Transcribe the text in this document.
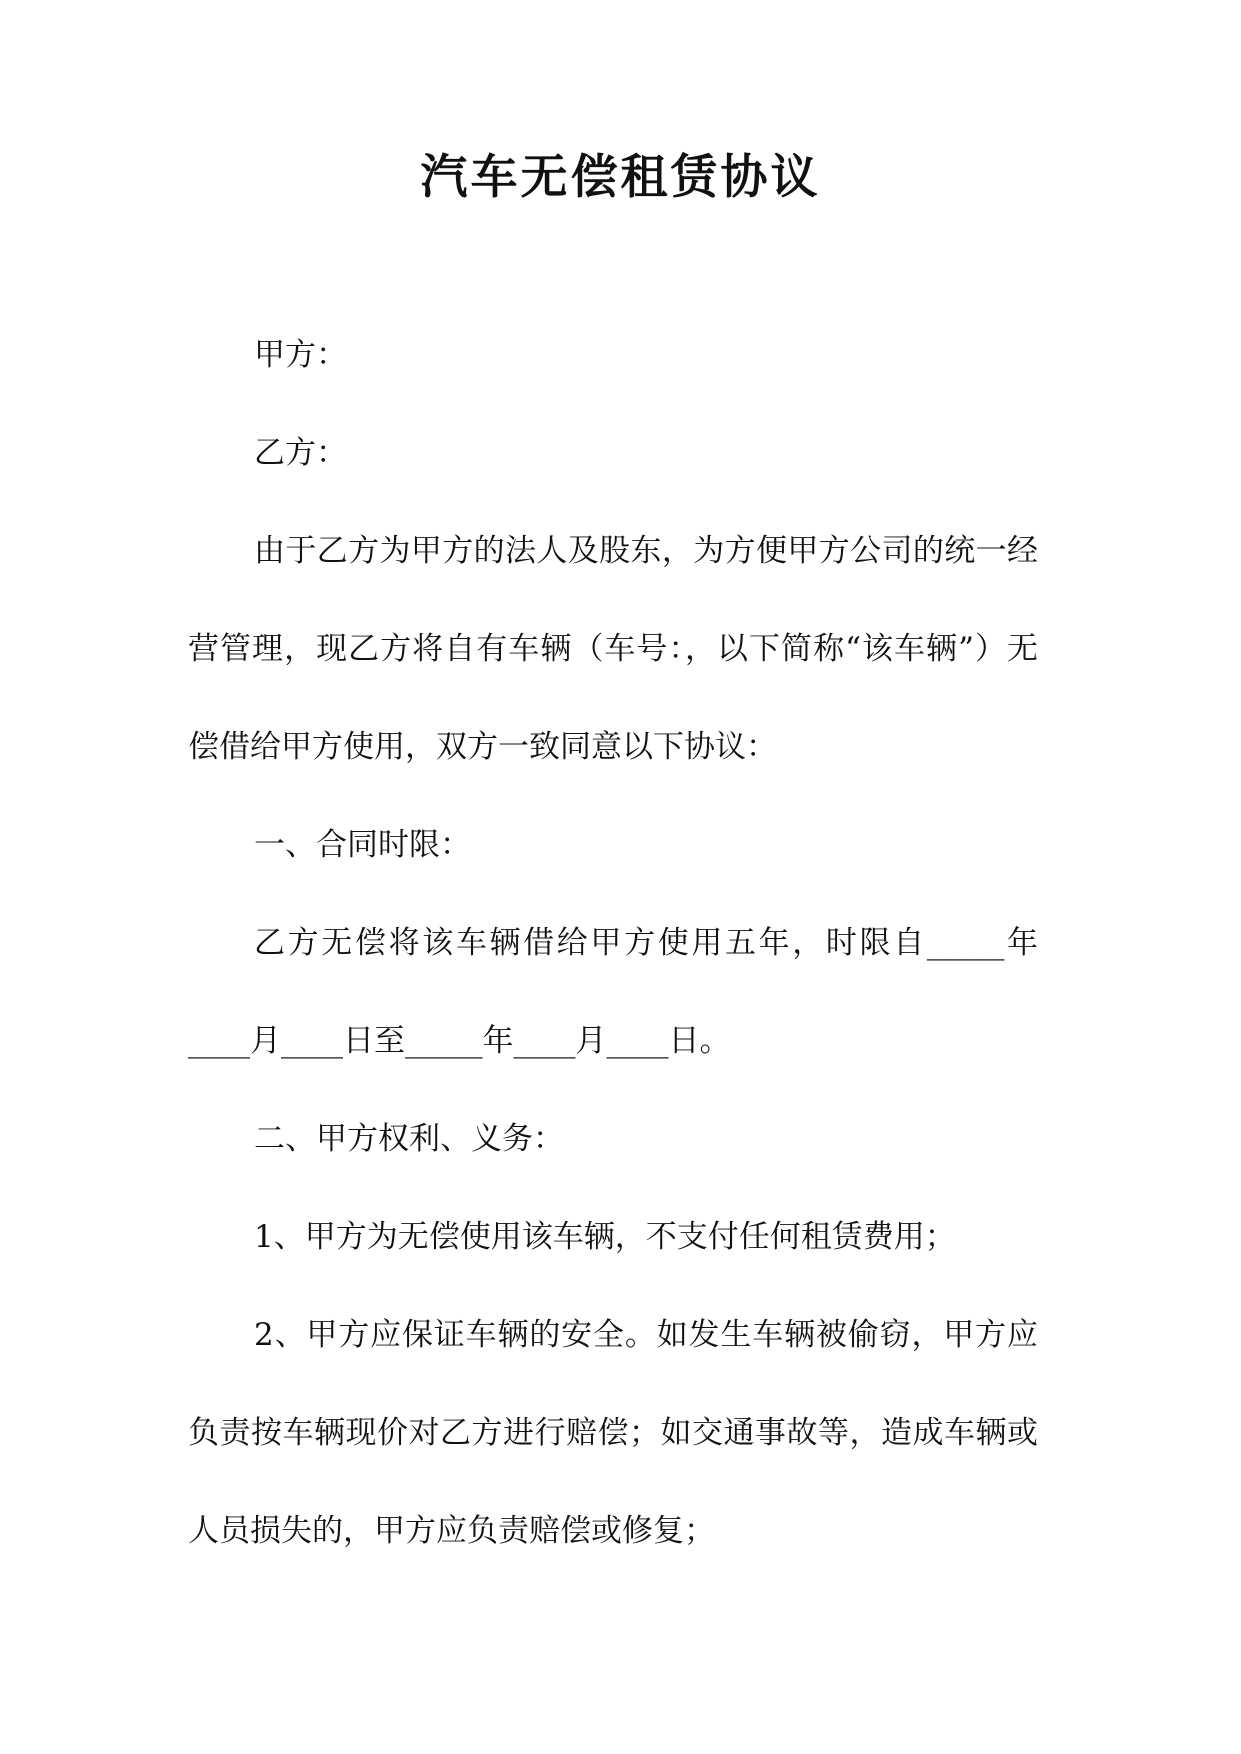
汽车无偿租赁协议

甲方：

乙方：

由于乙方为甲方的法人及股东，为方便甲方公司的统一经营管理，现乙方将自有车辆（车号：，以下简称“该车辆”）无偿借给甲方使用，双方一致同意以下协议：

一、合同时限：

乙方无偿将该车辆借给甲方使用五年，时限自_____年____月____日至_____年____月____日。

二、甲方权利、义务：

1、甲方为无偿使用该车辆，不支付任何租赁费用；

2、甲方应保证车辆的安全。如发生车辆被偷窃，甲方应负责按车辆现价对乙方进行赔偿；如交通事故等，造成车辆或人员损失的，甲方应负责赔偿或修复；
